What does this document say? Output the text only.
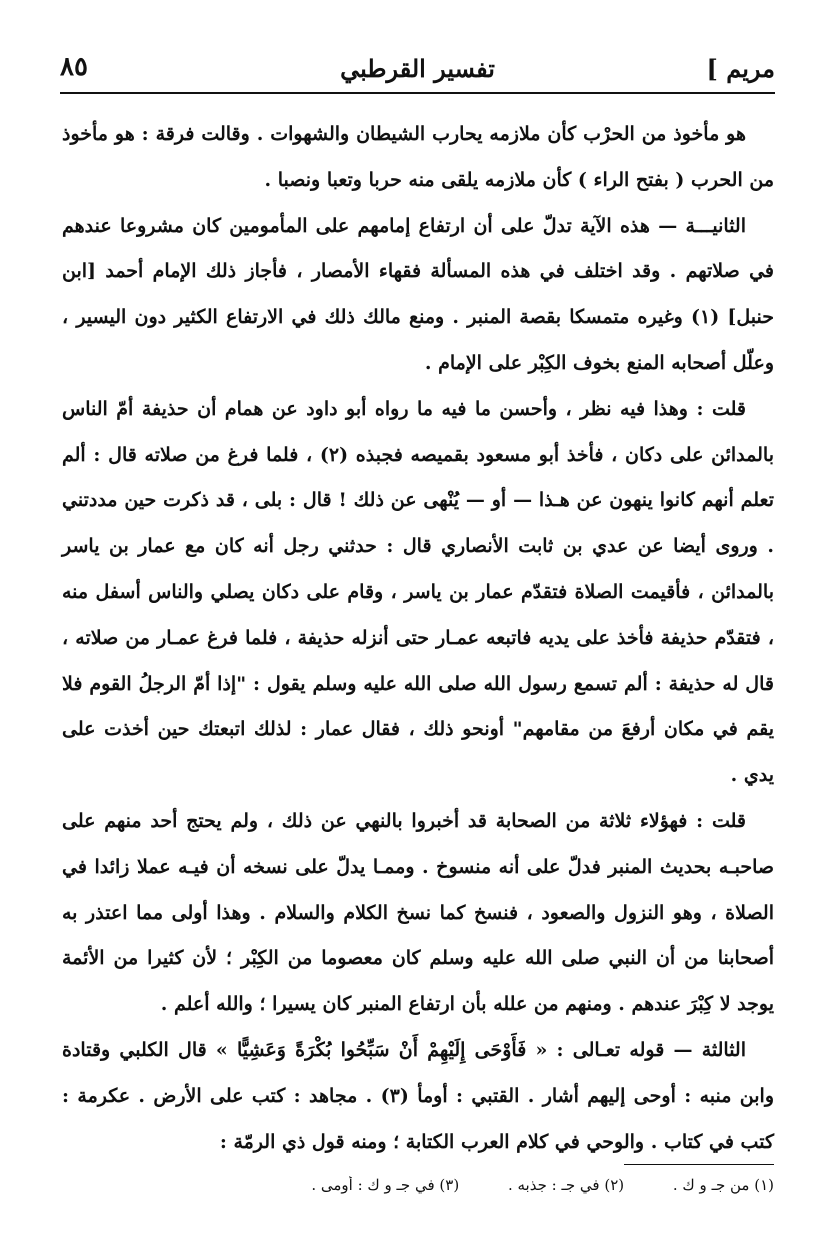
مريم ]
تفسير القرطبي
٨٥

هو مأخوذ من الحرْب كأن ملازمه يحارب الشيطان والشهوات . وقالت فرقة : هو مأخوذ من الحرب ( بفتح الراء ) كأن ملازمه يلقى منه حربا وتعبا ونصبا .

الثانيـــة — هذه الآية تدلّ على أن ارتفاع إمامهم على المأمومين كان مشروعا عندهم في صلاتهم . وقد اختلف في هذه المسألة فقهاء الأمصار ، فأجاز ذلك الإمام أحمد [ابن حنبل] (١) وغيره متمسكا بقصة المنبر . ومنع مالك ذلك في الارتفاع الكثير دون اليسير ، وعلّل أصحابه المنع بخوف الكِبْر على الإمام .

قلت : وهذا فيه نظر ، وأحسن ما فيه ما رواه أبو داود عن همام أن حذيفة أمّ الناس بالمدائن على دكان ، فأخذ أبو مسعود بقميصه فجبذه (٢) ، فلما فرغ من صلاته قال : ألم تعلم أنهم كانوا ينهون عن هـذا — أو — يُنْهى عن ذلك ! قال : بلى ، قد ذكرت حين مددتني . وروى أيضا عن عدي بن ثابت الأنصاري قال : حدثني رجل أنه كان مع عمار بن ياسر بالمدائن ، فأقيمت الصلاة فتقدّم عمار بن ياسر ، وقام على دكان يصلي والناس أسفل منه ، فتقدّم حذيفة فأخذ على يديه فاتبعه عمـار حتى أنزله حذيفة ، فلما فرغ عمـار من صلاته ، قال له حذيفة : ألم تسمع رسول الله صلى الله عليه وسلم يقول : "إذا أمّ الرجلُ القوم فلا يقم في مكان أرفعَ من مقامهم" أونحو ذلك ، فقال عمار : لذلك اتبعتك حين أخذت على يدي .

قلت : فهؤلاء ثلاثة من الصحابة قد أخبروا بالنهي عن ذلك ، ولم يحتج أحد منهم على صاحبـه بحديث المنبر فدلّ على أنه منسوخ . وممـا يدلّ على نسخه أن فيـه عملا زائدا في الصلاة ، وهو النزول والصعود ، فنسخ كما نسخ الكلام والسلام . وهذا أولى مما اعتذر به أصحابنا من أن النبي صلى الله عليه وسلم كان معصوما من الكِبْر ؛ لأن كثيرا من الأئمة يوجد لا كِبْرَ عندهم . ومنهم من علله بأن ارتفاع المنبر كان يسيرا ؛ والله أعلم .

الثالثة — قوله تعـالى : « فَأَوْحَى إِلَيْهِمْ أَنْ سَبِّحُوا بُكْرَةً وَعَشِيًّا » قال الكلبي وقتادة وابن منبه : أوحى إليهم أشار . القتبي : أومأ (٣) . مجاهد : كتب على الأرض . عكرمة : كتب في كتاب . والوحي في كلام العرب الكتابة ؛ ومنه قول ذي الرمّة :

(١) من جـ و ك . (٢) في جـ : جذبه . (٣) في جـ و ك : أومى .
